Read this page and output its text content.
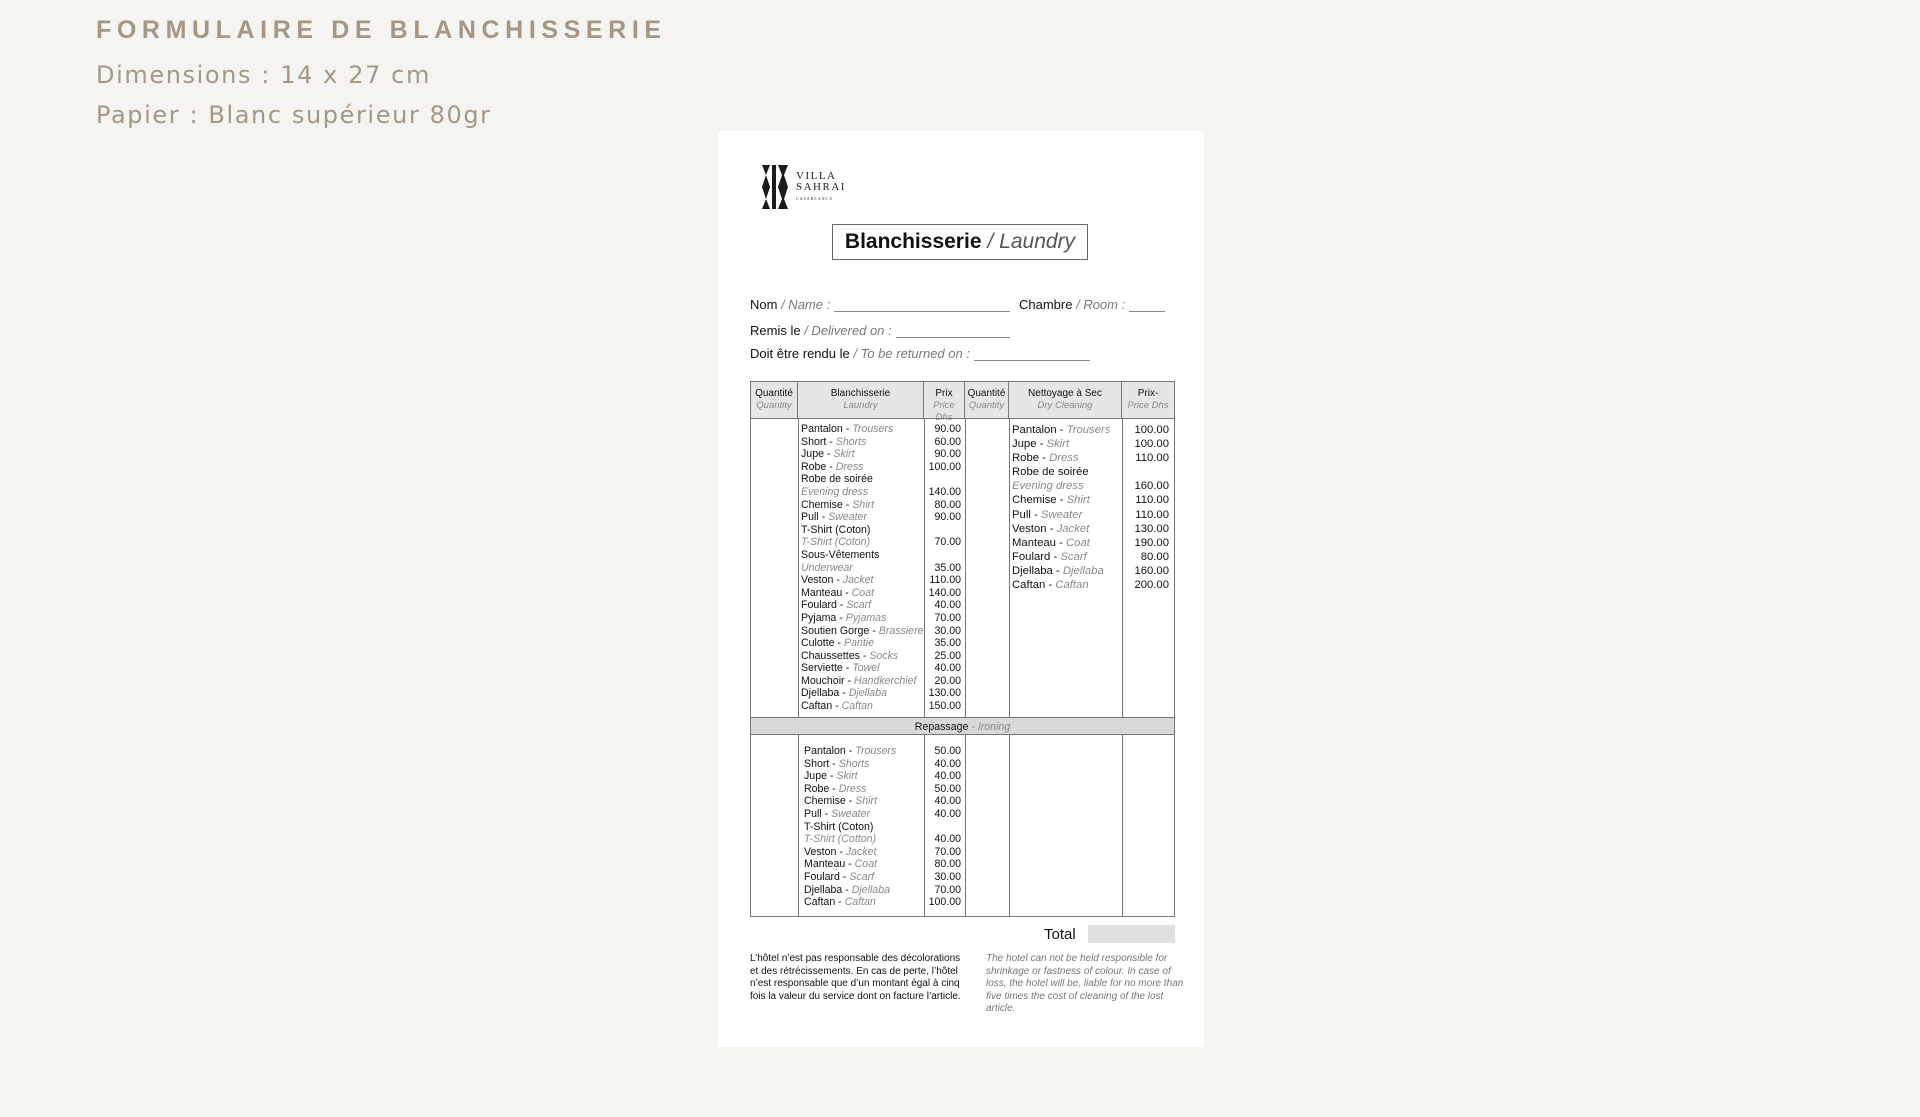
FORMULAIRE DE BLANCHISSERIE
Dimensions : 14 x 27 cm
Papier : Blanc supérieur 80gr
VILLA
SAHRAI
CASABLANCA
Blanchisserie / Laundry
Nom / Name :	Chambre / Room :
Remis le / Delivered on :
Doit être rendu le / To be returned on :
Quantité
Quantity
Blanchisserie
Laundry
Prix
Price Dhs
Quantité
Quantity
Nettoyage à Sec
Dry Cleaning
Prix-
Price Dhs
Pantalon - Trousers
Short - Shorts
Jupe - Skirt
Robe - Dress
Robe de soirée
Evening dress
Chemise - Shirt
Pull - Sweater
T-Shirt (Coton)
T-Shirt (Coton)
Sous-Vêtements
Underwear
Veston - Jacket
Manteau - Coat
Foulard - Scarf
Pyjama - Pyjamas
Soutien Gorge - Brassiere
Culotte - Pantie
Chaussettes - Socks
Serviette - Towel
Mouchoir - Handkerchief
Djellaba - Djellaba
Caftan - Caftan
90.00
60.00
90.00
100.00

140.00
80.00
90.00

70.00

35.00
110.00
140.00
40.00
70.00
30.00
35.00
25.00
40.00
20.00
130.00
150.00
Pantalon - Trousers
Jupe - Skirt
Robe - Dress
Robe de soirée
Evening dress
Chemise - Shirt
Pull - Sweater
Veston - Jacket
Manteau - Coat
Foulard - Scarf
Djellaba - Djellaba
Caftan - Caftan
100.00
100.00
110.00

160.00
110.00
110.00
130.00
190.00
80.00
160.00
200.00
Repassage - Ironing
Pantalon - Trousers
Short - Shorts
Jupe - Skirt
Robe - Dress
Chemise - Shirt
Pull - Sweater
T-Shirt (Coton)
T-Shirt (Cotton)
Veston - Jacket
Manteau - Coat
Foulard - Scarf
Djellaba - Djellaba
Caftan - Caftan
50.00
40.00
40.00
50.00
40.00
40.00

40.00
70.00
80.00
30.00
70.00
100.00
Total
L’hôtel n’est pas responsable des décolorations et des rétrécissements. En cas de perte, l’hôtel n’est responsable que d’un montant égal à cinq fois la valeur du service dont on facture l’article.
The hotel can not be held responsible for shrinkage or fastness of colour. In case of loss, the hotel will be, liable for no more than five times the cost of cleaning of the lost article.
